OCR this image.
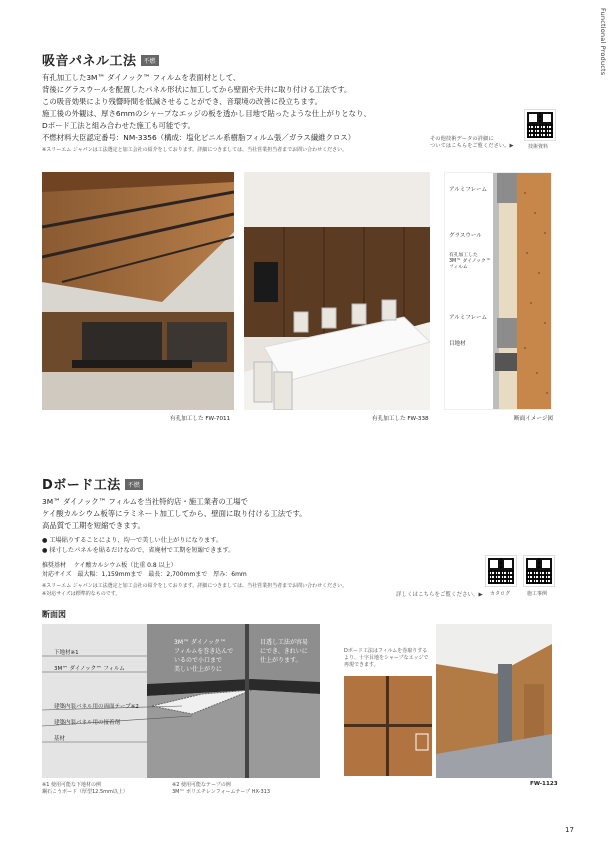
Functional Products
吸音パネル工法 不燃
有孔加工した3M™ ダイノック™ フィルムを表面材として、
背後にグラスウールを配置したパネル形状に加工してから壁面や天井に取り付ける工法です。
この吸音効果により残響時間を低減させることができ、音環境の改善に役立ちます。
施工後の外観は、厚さ6mmのシャープなエッジの板を透かし目地で貼ったような仕上がりとなり、
Dボード工法と組み合わせた施工も可能です。
不燃材料大臣認定番号：NM-3356（構成：塩化ビニル系樹脂フィルム張／ガラス繊維クロス）
※スリーエム ジャパンは工法選定と加工会社の紹介をしております。詳細につきましては、当社営業担当者までお問い合わせください。
その他技術データの詳細に
ついてはこちらをご覧ください。▶	技術資料
有孔加工した FW-7011	有孔加工した FW-338
アルミフレーム
グラスウール
有孔加工した
3M™ ダイノック™
フィルム
アルミフレーム
目地材
断面イメージ図
Dボード工法 不燃
3M™ ダイノック™ フィルムを当社特約店・施工業者の工場で
ケイ酸カルシウム板等にラミネート加工してから、壁面に取り付ける工法です。
高品質で工期を短縮できます。
● 工場貼りすることにより、均一で美しい仕上がりになります。
● 採寸したパネルを貼るだけなので、省廃材で工期を短縮できます。
推奨基材　 ケイ酸カルシウム板（比重 0.8 以上）
対応サイズ　最大幅：1,159mmまで　最長：2,700mmまで　厚み：6mm
※スリーエム ジャパンは工法選定と加工会社の紹介をしております。詳細につきましては、当社営業担当者までお問い合わせください。
※対応サイズは標準的なものです。	詳しくはこちらをご覧ください。▶ カタログ	施工事例
断面図
下地材※1
3M™ ダイノック™ フィルム
建築内装パネル用の両面テープ※2
建築内装パネル用の接着剤
基材
3M™ ダイノック™
フィルムを巻き込んで
いるので小口まで
美しい仕上がりに
目透し工法が容易
にでき、きれいに
仕上がります。
※1 使用可能な下地材の例
鋼石こうボード（厚型12.5mm以上）
※2 使用可能なテープの例
3M™ ポリエチレンフォームテープ HX-313
Dボード工法はフィルムを巻取りする
より、十字目地をシャープなエッジで
再現できます。
FW-1123
17
